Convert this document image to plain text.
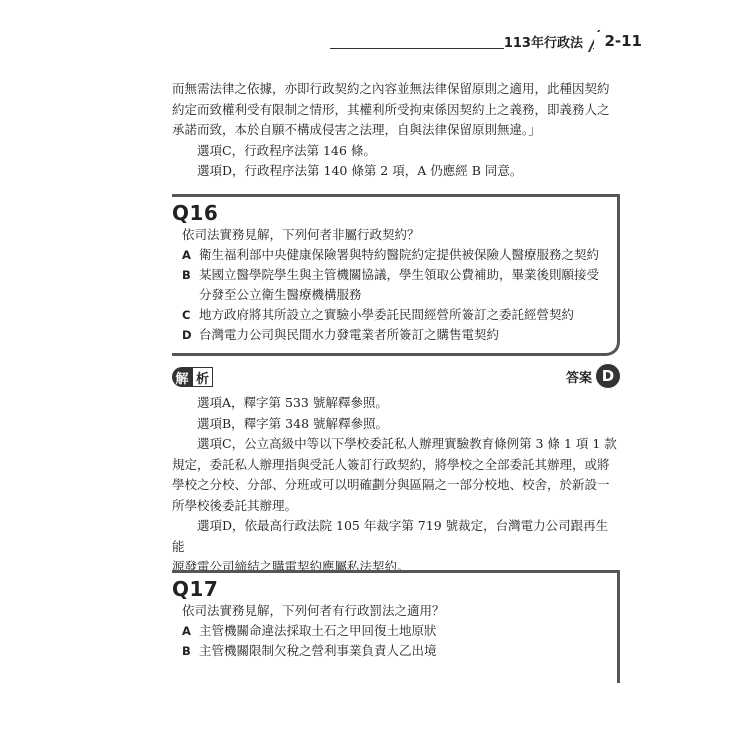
113年行政法	2-11
而無需法律之依據，亦即行政契約之內容並無法律保留原則之適用，此種因契約
約定而致權利受有限制之情形，其權利所受拘束係因契約上之義務，即義務人之
承諾而致，本於自願不構成侵害之法理，自與法律保留原則無違。」
選項C，行政程序法第 146 條。
選項D，行政程序法第 140 條第 2 項，A 仍應經 B 同意。
Q16
依司法實務見解，下列何者非屬行政契約？
A 衛生福利部中央健康保險署與特約醫院約定提供被保險人醫療服務之契約
B 某國立醫學院學生與主管機關協議，學生領取公費補助，畢業後則願接受
分發至公立衛生醫療機構服務
C 地方政府將其所設立之實驗小學委託民間經營所簽訂之委託經營契約
D 台灣電力公司與民間水力發電業者所簽訂之購售電契約
解 析	答案 D
選項A，釋字第 533 號解釋參照。
選項B，釋字第 348 號解釋參照。
選項C，公立高級中等以下學校委託私人辦理實驗教育條例第 3 條 1 項 1 款
規定，委託私人辦理指與受託人簽訂行政契約，將學校之全部委託其辦理，或將
學校之分校、分部、分班或可以明確劃分與區隔之一部分校地、校舍，於新設一
所學校後委託其辦理。
選項D，依最高行政法院 105 年裁字第 719 號裁定，台灣電力公司跟再生能
源發電公司締結之購電契約應屬私法契約。
Q17
依司法實務見解，下列何者有行政罰法之適用？
A 主管機關命違法採取土石之甲回復土地原狀
B 主管機關限制欠稅之營利事業負責人乙出境
